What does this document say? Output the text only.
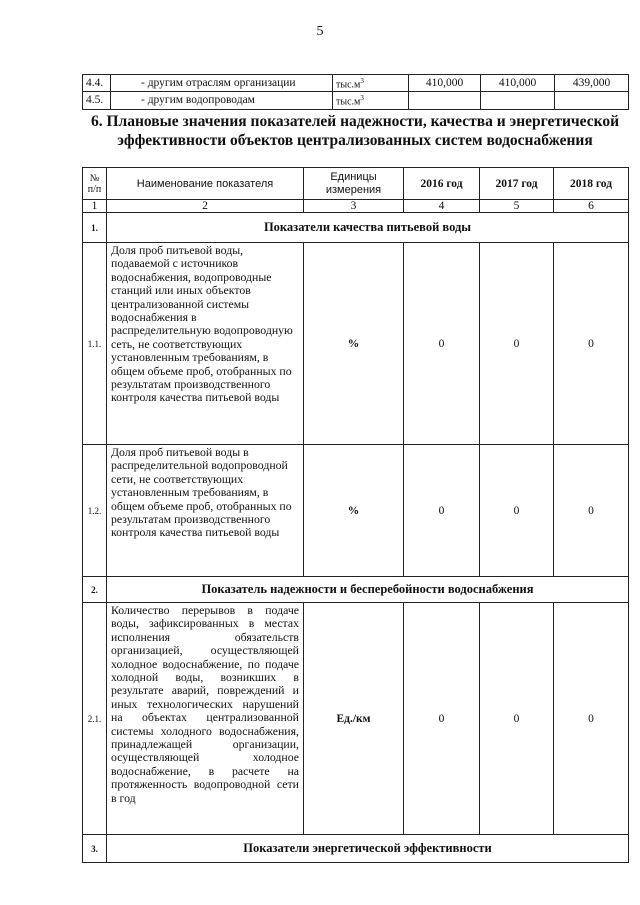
5
4.4.	- другим отраслям организации	$тыс.м^3$	410,000	410,000	439,000
4.5.	- другим водопроводам	$тыс.м^3$			
6. Плановые значения показателей надежности, качества и энергетической эффективности объектов централизованных систем водоснабжения
№ п/п	Наименование показателя	Единицы измерения	2016 год	2017 год	2018 год
1	2	3	4	5	6
1.	Показатели качества питьевой воды				
1.1.	Доля проб питьевой воды, подаваемой с источников водоснабжения, водопроводные станций или иных объектов централизованной системы водоснабжения в распределительную водопроводную сеть, не соответствующих установленным требованиям, в общем объеме проб, отобранных по результатам производственного контроля качества питьевой воды	%	0	0	0
1.2.	Доля проб питьевой воды в распределительной водопроводной сети, не соответствующих установленным требованиям, в общем объеме проб, отобранных по результатам производственного контроля качества питьевой воды	%	0	0	0
2.	Показатель надежности и бесперебойности водоснабжения				
2.1.	Количество перерывов в подаче воды, зафиксированных в местах исполнения обязательств организацией, осуществляющей холодное водоснабжение, по подаче холодной воды, возникших в результате аварий, повреждений и иных технологических нарушений на объектах централизованной системы холодного водоснабжения, принадлежащей организации, осуществляющей холодное водоснабжение, в расчете на протяженность водопроводной сети в год	Ед./км	0	0	0
3.	Показатели энергетической эффективности				
